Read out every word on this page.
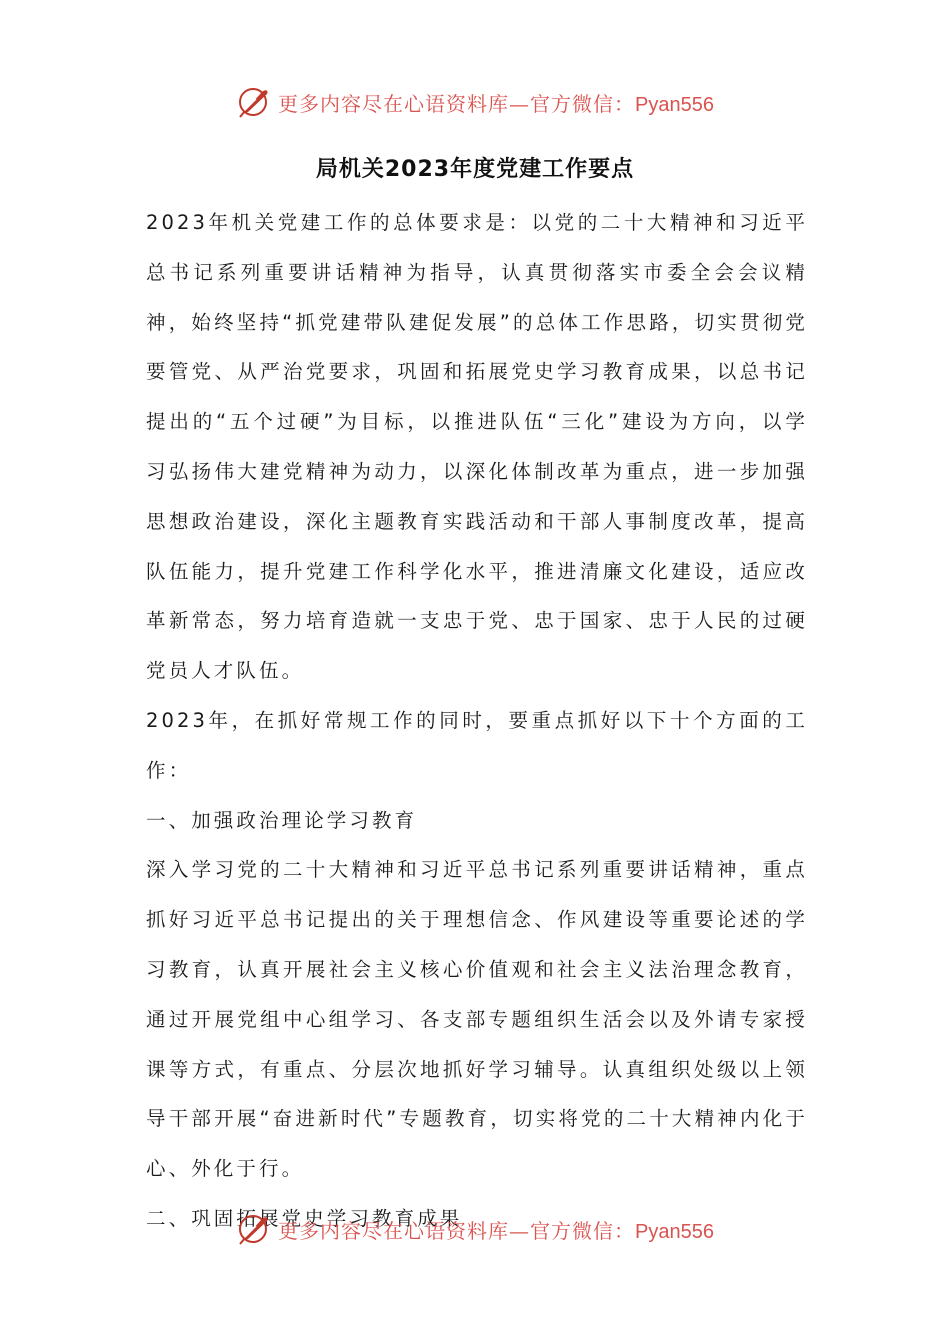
更多内容尽在心语资料库—官方微信：Pyan556
局机关2023年度党建工作要点

2023年机关党建工作的总体要求是：以党的二十大精神和习近平总书记系列重要讲话精神为指导，认真贯彻落实市委全会会议精神，始终坚持“抓党建带队建促发展”的总体工作思路，切实贯彻党要管党、从严治党要求，巩固和拓展党史学习教育成果，以总书记提出的“五个过硬”为目标，以推进队伍“三化”建设为方向，以学习弘扬伟大建党精神为动力，以深化体制改革为重点，进一步加强思想政治建设，深化主题教育实践活动和干部人事制度改革，提高队伍能力，提升党建工作科学化水平，推进清廉文化建设，适应改革新常态，努力培育造就一支忠于党、忠于国家、忠于人民的过硬党员人才队伍。

2023年，在抓好常规工作的同时，要重点抓好以下十个方面的工作：

一、加强政治理论学习教育

深入学习党的二十大精神和习近平总书记系列重要讲话精神，重点抓好习近平总书记提出的关于理想信念、作风建设等重要论述的学习教育，认真开展社会主义核心价值观和社会主义法治理念教育，通过开展党组中心组学习、各支部专题组织生活会以及外请专家授课等方式，有重点、分层次地抓好学习辅导。认真组织处级以上领导干部开展“奋进新时代”专题教育，切实将党的二十大精神内化于心、外化于行。

二、巩固拓展党史学习教育成果

更多内容尽在心语资料库—官方微信：Pyan556
